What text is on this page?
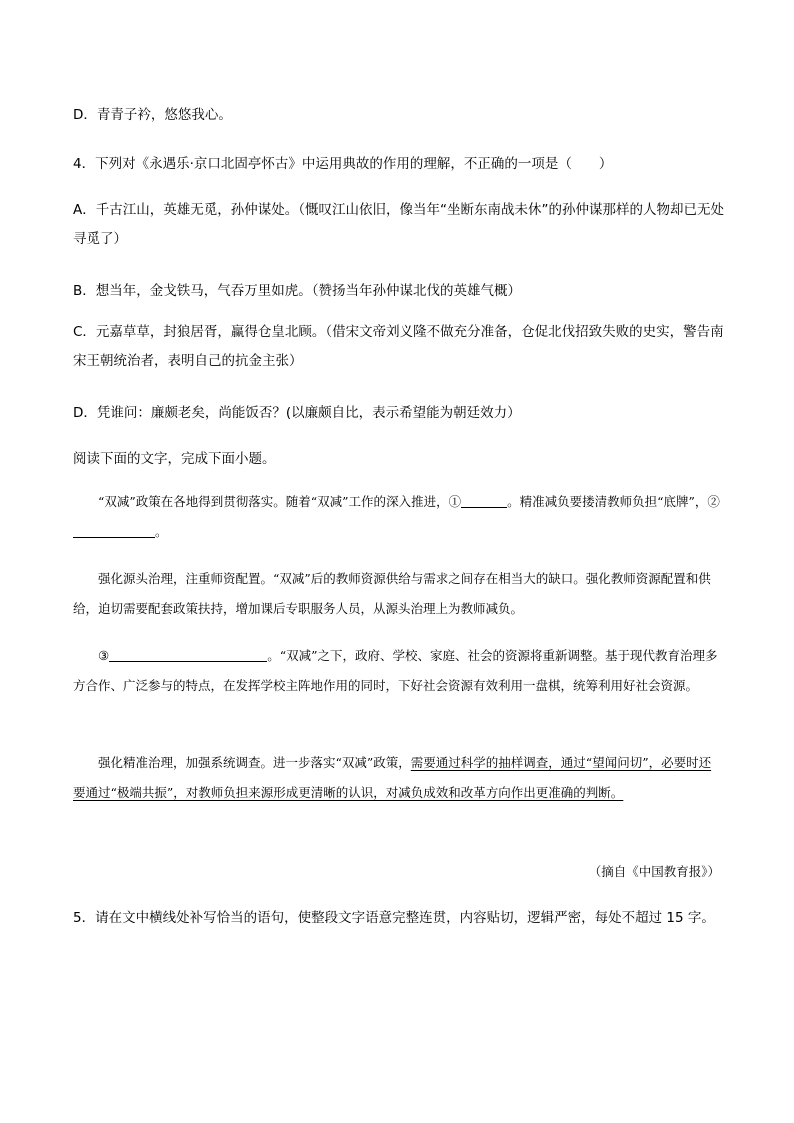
D．青青子衿，悠悠我心。
4．下列对《永遇乐·京口北固亭怀古》中运用典故的作用的理解，不正确的一项是（　　）
A．千古江山，英雄无觅，孙仲谋处。（慨叹江山依旧，像当年“坐断东南战未休”的孙仲谋那样的人物却已无处寻觅了）
B．想当年，金戈铁马，气吞万里如虎。（赞扬当年孙仲谋北伐的英雄气概）
C．元嘉草草，封狼居胥，赢得仓皇北顾。（借宋文帝刘义隆不做充分准备，仓促北伐招致失败的史实，警告南宋王朝统治者，表明自己的抗金主张）
D．凭谁问：廉颇老矣，尚能饭否？(以廉颇自比，表示希望能为朝廷效力）
阅读下面的文字，完成下面小题。
“双减”政策在各地得到贯彻落实。随着“双减”工作的深入推进，①	。精准减负要搂清教师负担“底牌”，②。
强化源头治理，注重师资配置。“双减”后的教师资源供给与需求之间存在相当大的缺口。强化教师资源配置和供给，迫切需要配套政策扶持，增加课后专职服务人员，从源头治理上为教师减负。
③	。“双减”之下，政府、学校、家庭、社会的资源将重新调整。基于现代教育治理多方合作、广泛参与的特点，在发挥学校主阵地作用的同时，下好社会资源有效利用一盘棋，统筹利用好社会资源。
强化精准治理，加强系统调查。进一步落实“双减”政策，需要通过科学的抽样调查，通过“望闻问切”，必要时还要通过“极端共振”，对教师负担来源形成更清晰的认识，对减负成效和改革方向作出更准确的判断。
（摘自《中国教育报》）
5．请在文中横线处补写恰当的语句，使整段文字语意完整连贯，内容贴切，逻辑严密，每处不超过 15 字。
